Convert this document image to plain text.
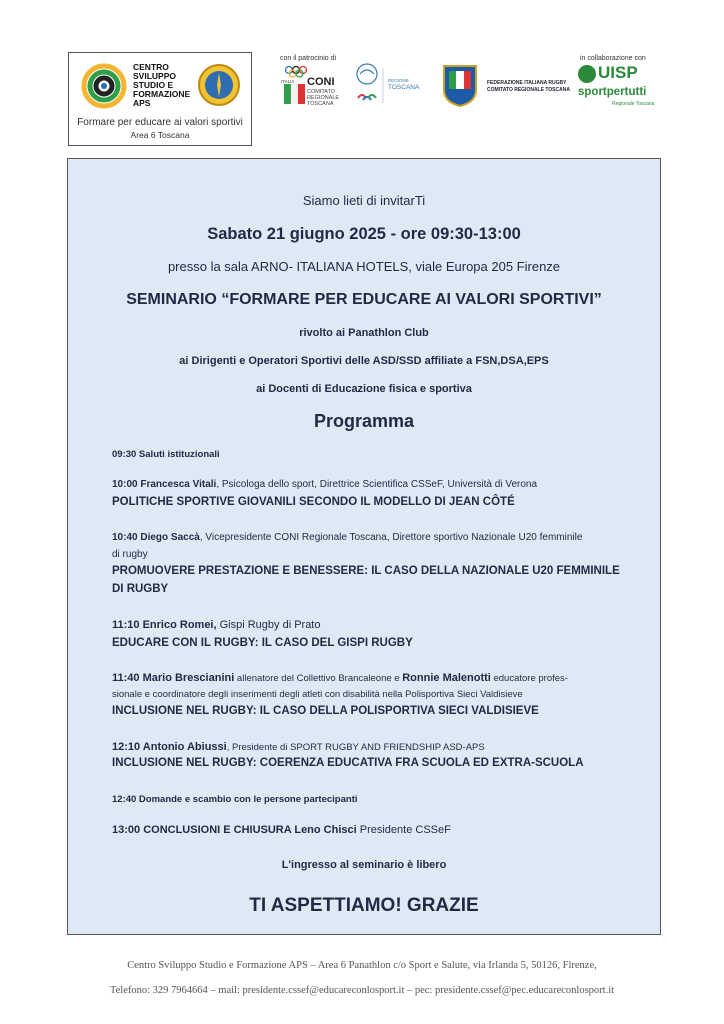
CENTRO SVILUPPO STUDIO E FORMAZIONE APS
Formare per educare ai valori sportivi
Area 6 Toscana
con il patrocinio di
ITALIA CONI
COMITATO REGIONALE TOSCANA
REGIONE
TOSCANA
FEDERAZIONE ITALIANA RUGBY
COMITATO REGIONALE TOSCANA
in collaborazione con
UISP
sportpertutti
Regionale Toscana
Siamo lieti di invitarTi
Sabato 21 giugno 2025 - ore 09:30-13:00
presso la sala ARNO- ITALIANA HOTELS, viale Europa 205 Firenze
SEMINARIO “FORMARE PER EDUCARE AI VALORI SPORTIVI”
rivolto ai Panathlon Club
ai Dirigenti e Operatori Sportivi delle ASD/SSD affiliate a FSN,DSA,EPS
ai Docenti di Educazione fisica e sportiva
Programma
09:30 Saluti istituzionali
10:00 Francesca Vitali, Psicologa dello sport, Direttrice Scientifica CSSeF, Università di Verona
POLITICHE SPORTIVE GIOVANILI SECONDO IL MODELLO DI JEAN CÔTÉ
10:40 Diego Saccà, Vicepresidente CONI Regionale Toscana, Direttore sportivo Nazionale U20 femminile
di rugby
PROMUOVERE PRESTAZIONE E BENESSERE: IL CASO DELLA NAZIONALE U20 FEMMINILE
DI RUGBY
11:10 Enrico Romei, Gispi Rugby di Prato
EDUCARE CON IL RUGBY: IL CASO DEL GISPI RUGBY
11:40 Mario Brescianini allenatore del Collettivo Brancaleone e Ronnie Malenotti educatore profes-
sionale e coordinatore degli inserimenti degli atleti con disabilità nella Polisportiva Sieci Valdisieve
INCLUSIONE NEL RUGBY: IL CASO DELLA POLISPORTIVA SIECI VALDISIEVE
12:10 Antonio Abiussi, Presidente di SPORT RUGBY AND FRIENDSHIP ASD-APS
INCLUSIONE NEL RUGBY: COERENZA EDUCATIVA FRA SCUOLA ED EXTRA-SCUOLA
12:40 Domande e scambio con le persone partecipanti
13:00 CONCLUSIONI E CHIUSURA Leno Chisci Presidente CSSeF
L'ingresso al seminario è libero
TI ASPETTIAMO! GRAZIE
Centro Sviluppo Studio e Formazione APS – Area 6 Panathlon c/o Sport e Salute, via Irlanda 5, 50126, Firenze,
Telefono: 329 7964664 – mail: presidente.cssef@educareconlosport.it – pec: presidente.cssef@pec.educareconlosport.it
